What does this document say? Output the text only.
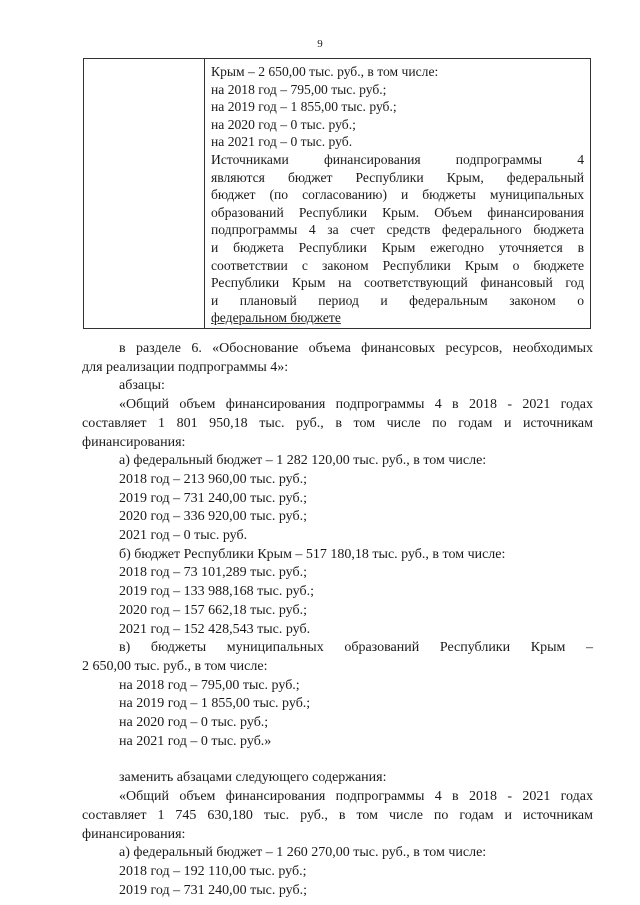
9
Крым – 2 650,00 тыс. руб., в том числе:
на 2018 год – 795,00 тыс. руб.;
на 2019 год – 1 855,00 тыс. руб.;
на 2020 год – 0 тыс. руб.;
на 2021 год – 0 тыс. руб.
Источниками финансирования подпрограммы 4
являются бюджет Республики Крым, федеральный
бюджет (по согласованию) и бюджеты муниципальных
образований Республики Крым. Объем финансирования
подпрограммы 4 за счет средств федерального бюджета
и бюджета Республики Крым ежегодно уточняется в
соответствии с законом Республики Крым о бюджете
Республики Крым на соответствующий финансовый год
и плановый период и федеральным законом о
федеральном бюджете
в разделе 6. «Обоснование объема финансовых ресурсов, необходимых
для реализации подпрограммы 4»:
абзацы:
«Общий объем финансирования подпрограммы 4 в 2018 - 2021 годах
составляет 1 801 950,18 тыс. руб., в том числе по годам и источникам
финансирования:
а) федеральный бюджет – 1 282 120,00 тыс. руб., в том числе:
2018 год – 213 960,00 тыс. руб.;
2019 год – 731 240,00 тыс. руб.;
2020 год – 336 920,00 тыс. руб.;
2021 год – 0 тыс. руб.
б) бюджет Республики Крым – 517 180,18 тыс. руб., в том числе:
2018 год – 73 101,289 тыс. руб.;
2019 год – 133 988,168 тыс. руб.;
2020 год – 157 662,18 тыс. руб.;
2021 год – 152 428,543 тыс. руб.
в) бюджеты муниципальных образований Республики Крым –
2 650,00 тыс. руб., в том числе:
на 2018 год – 795,00 тыс. руб.;
на 2019 год – 1 855,00 тыс. руб.;
на 2020 год – 0 тыс. руб.;
на 2021 год – 0 тыс. руб.»
заменить абзацами следующего содержания:
«Общий объем финансирования подпрограммы 4 в 2018 - 2021 годах
составляет 1 745 630,180 тыс. руб., в том числе по годам и источникам
финансирования:
а) федеральный бюджет – 1 260 270,00 тыс. руб., в том числе:
2018 год – 192 110,00 тыс. руб.;
2019 год – 731 240,00 тыс. руб.;
